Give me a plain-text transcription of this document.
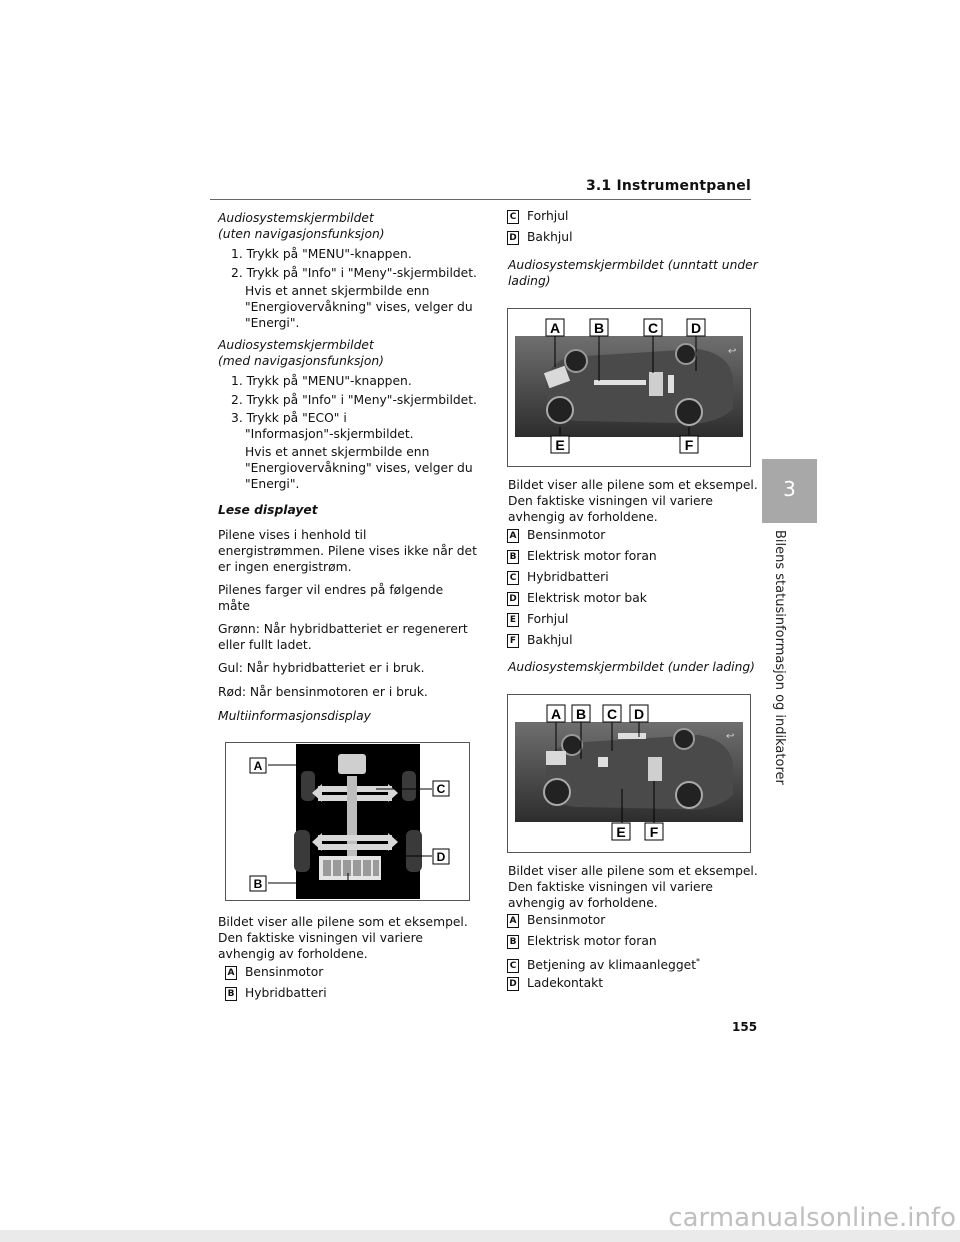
3.1 Instrumentpanel
3
Bilens statusinformasjon og indikatorer

Audiosystemskjermbildet

(uten navigasjonsfunksjon)

1. Trykk på "MENU"-knappen.
2. Trykk på "Info" i "Meny"-skjermbildet.
Hvis et annet skjermbilde enn
"Energiovervåkning" vises, velger du
"Energi".
Audiosystemskjermbildet
(med navigasjonsfunksjon)
1. Trykk på "MENU"-knappen.
2. Trykk på "Info" i "Meny"-skjermbildet.
3. Trykk på "ECO" i
"Informasjon"-skjermbildet.
Hvis et annet skjermbilde enn
"Energiovervåkning" vises, velger du
"Energi".
Lese displayet
Pilene vises i henhold til
energistrømmen. Pilene vises ikke når det
er ingen energistrøm.
Pilenes farger vil endres på følgende
måte
Grønn: Når hybridbatteriet er regenerert
eller fullt ladet.
Gul: Når hybridbatteriet er i bruk.
Rød: Når bensinmotoren er i bruk.
Multiinformasjonsdisplay
A
C
D
B
Bildet viser alle pilene som et eksempel.
Den faktiske visningen vil variere
avhengig av forholdene.
A Bensinmotor
B Hybridbatteri
C Forhjul
D Bakhjul
Audiosystemskjermbildet (unntatt under
lading)
↩
A B	C D
E	F
Bildet viser alle pilene som et eksempel.
Den faktiske visningen vil variere
avhengig av forholdene.
A Bensinmotor
B Elektrisk motor foran
C Hybridbatteri
D Elektrisk motor bak
E Forhjul
F Bakhjul
Audiosystemskjermbildet (under lading)
↩
A B C D
E F
Bildet viser alle pilene som et eksempel.
Den faktiske visningen vil variere
avhengig av forholdene.
A Bensinmotor
B Elektrisk motor foran
C Betjening av klimaanlegget*
D Ladekontakt
155
carmanualsonline.info
